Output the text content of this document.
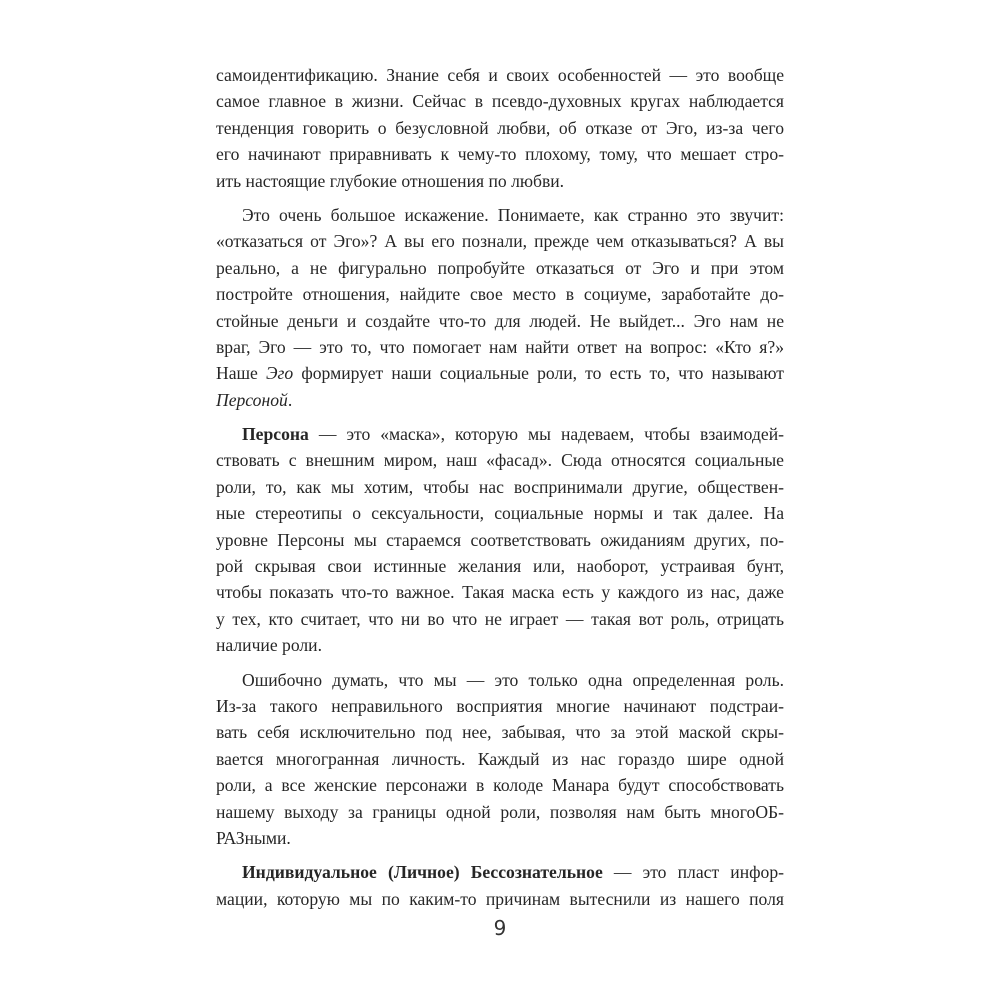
самоидентификацию. Знание себя и своих особенностей — это вообще
самое главное в жизни. Сейчас в псевдо-духовных кругах наблюдается
тенденция говорить о безусловной любви, об отказе от Эго, из-за чего
его начинают приравнивать к чему-то плохому, тому, что мешает стро-
ить настоящие глубокие отношения по любви.
Это очень большое искажение. Понимаете, как странно это звучит:
«отказаться от Эго»? А вы его познали, прежде чем отказываться? А вы
реально, а не фигурально попробуйте отказаться от Эго и при этом
постройте отношения, найдите свое место в социуме, заработайте до-
стойные деньги и создайте что-то для людей. Не выйдет... Эго нам не
враг, Эго — это то, что помогает нам найти ответ на вопрос: «Кто я?»
Наше Эго формирует наши социальные роли, то есть то, что называют
Персоной.
Персона — это «маска», которую мы надеваем, чтобы взаимодей-
ствовать с внешним миром, наш «фасад». Сюда относятся социальные
роли, то, как мы хотим, чтобы нас воспринимали другие, обществен-
ные стереотипы о сексуальности, социальные нормы и так далее. На
уровне Персоны мы стараемся соответствовать ожиданиям других, по-
рой скрывая свои истинные желания или, наоборот, устраивая бунт,
чтобы показать что-то важное. Такая маска есть у каждого из нас, даже
у тех, кто считает, что ни во что не играет — такая вот роль, отрицать
наличие роли.
Ошибочно думать, что мы — это только одна определенная роль.
Из-за такого неправильного восприятия многие начинают подстраи-
вать себя исключительно под нее, забывая, что за этой маской скры-
вается многогранная личность. Каждый из нас гораздо шире одной
роли, а все женские персонажи в колоде Манара будут способствовать
нашему выходу за границы одной роли, позволяя нам быть многоОБ-
РАЗными.
Индивидуальное (Личное) Бессознательное — это пласт инфор-
мации, которую мы по каким-то причинам вытеснили из нашего поля
9
